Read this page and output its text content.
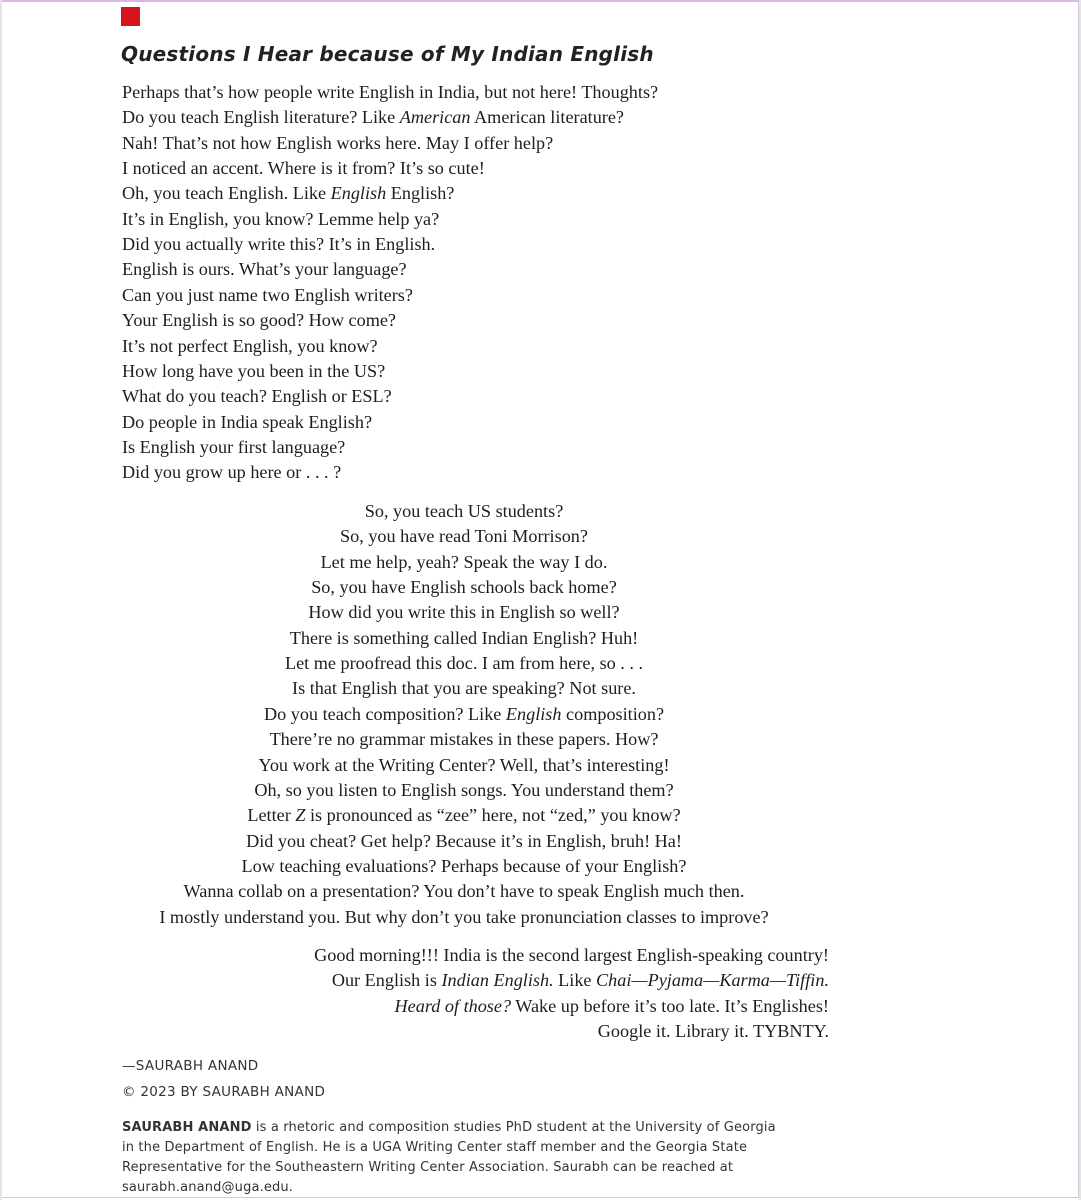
Questions I Hear because of My Indian English
Perhaps that’s how people write English in India, but not here! Thoughts?
Do you teach English literature? Like American American literature?
Nah! That’s not how English works here. May I offer help?
I noticed an accent. Where is it from? It’s so cute!
Oh, you teach English. Like English English?
It’s in English, you know? Lemme help ya?
Did you actually write this? It’s in English.
English is ours. What’s your language?
Can you just name two English writers?
Your English is so good? How come?
It’s not perfect English, you know?
How long have you been in the US?
What do you teach? English or ESL?
Do people in India speak English?
Is English your first language?
Did you grow up here or . . . ?
So, you teach US students?
So, you have read Toni Morrison?
Let me help, yeah? Speak the way I do.
So, you have English schools back home?
How did you write this in English so well?
There is something called Indian English? Huh!
Let me proofread this doc. I am from here, so . . .
Is that English that you are speaking? Not sure.
Do you teach composition? Like English composition?
There’re no grammar mistakes in these papers. How?
You work at the Writing Center? Well, that’s interesting!
Oh, so you listen to English songs. You understand them?
Letter Z is pronounced as “zee” here, not “zed,” you know?
Did you cheat? Get help? Because it’s in English, bruh! Ha!
Low teaching evaluations? Perhaps because of your English?
Wanna collab on a presentation? You don’t have to speak English much then.
I mostly understand you. But why don’t you take pronunciation classes to improve?
Good morning!!! India is the second largest English-speaking country!
Our English is Indian English. Like Chai—Pyjama—Karma—Tiffin.
Heard of those? Wake up before it’s too late. It’s Englishes!
Google it. Library it. TYBNTY.
—SAURABH ANAND
© 2023 BY SAURABH ANAND
SAURABH ANAND is a rhetoric and composition studies PhD student at the University of Georgia
in the Department of English. He is a UGA Writing Center staff member and the Georgia State
Representative for the Southeastern Writing Center Association. Saurabh can be reached at
saurabh.anand@uga.edu.
